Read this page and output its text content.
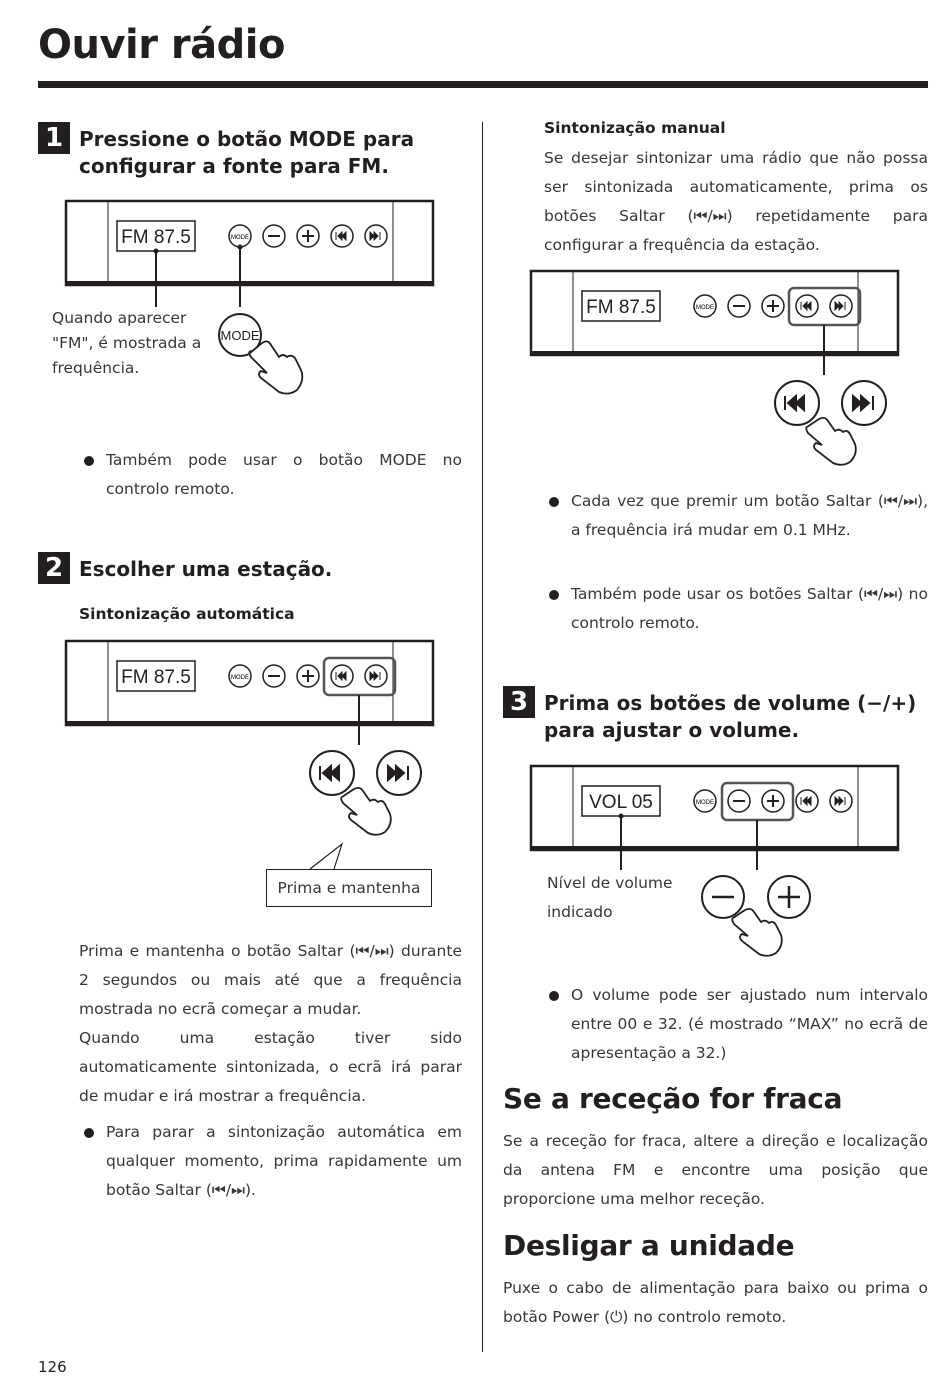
Ouvir rádio
1 Pressione o botão MODE para configurar a fonte para FM.
FM 87.5	MODE
MODE
Quando aparecer "FM", é mostrada a frequência.
Também pode usar o botão MODE no controlo remoto.
2 Escolher uma estação.
Sintonização automática
FM 87.5	MODE
Prima e mantenha
Prima e mantenha o botão Saltar (⏮/⏭) durante 2 segundos ou mais até que a frequência mostrada no ecrã começar a mudar.
Quando uma estação tiver sido automaticamente sintonizada, o ecrã irá parar de mudar e irá mostrar a frequência.
Para parar a sintonização automática em qualquer momento, prima rapidamente um botão Saltar (⏮/⏭).
Sintonização manual
Se desejar sintonizar uma rádio que não possa ser sintonizada automaticamente, prima os botões Saltar (⏮/⏭) repetidamente para configurar a frequência da estação.
FM 87.5	MODE
Cada vez que premir um botão Saltar (⏮/⏭), a frequência irá mudar em 0.1 MHz.
Também pode usar os botões Saltar (⏮/⏭) no controlo remoto.
3 Prima os botões de volume (−/+) para ajustar o volume.
VOL 05	MODE
Nível de volume indicado
O volume pode ser ajustado num intervalo entre 00 e 32. (é mostrado “MAX” no ecrã de apresentação a 32.)
Se a receção for fraca
Se a receção for fraca, altere a direção e localização da antena FM e encontre uma posição que proporcione uma melhor receção.
Desligar a unidade
Puxe o cabo de alimentação para baixo ou prima o botão Power (⏻) no controlo remoto.
126
